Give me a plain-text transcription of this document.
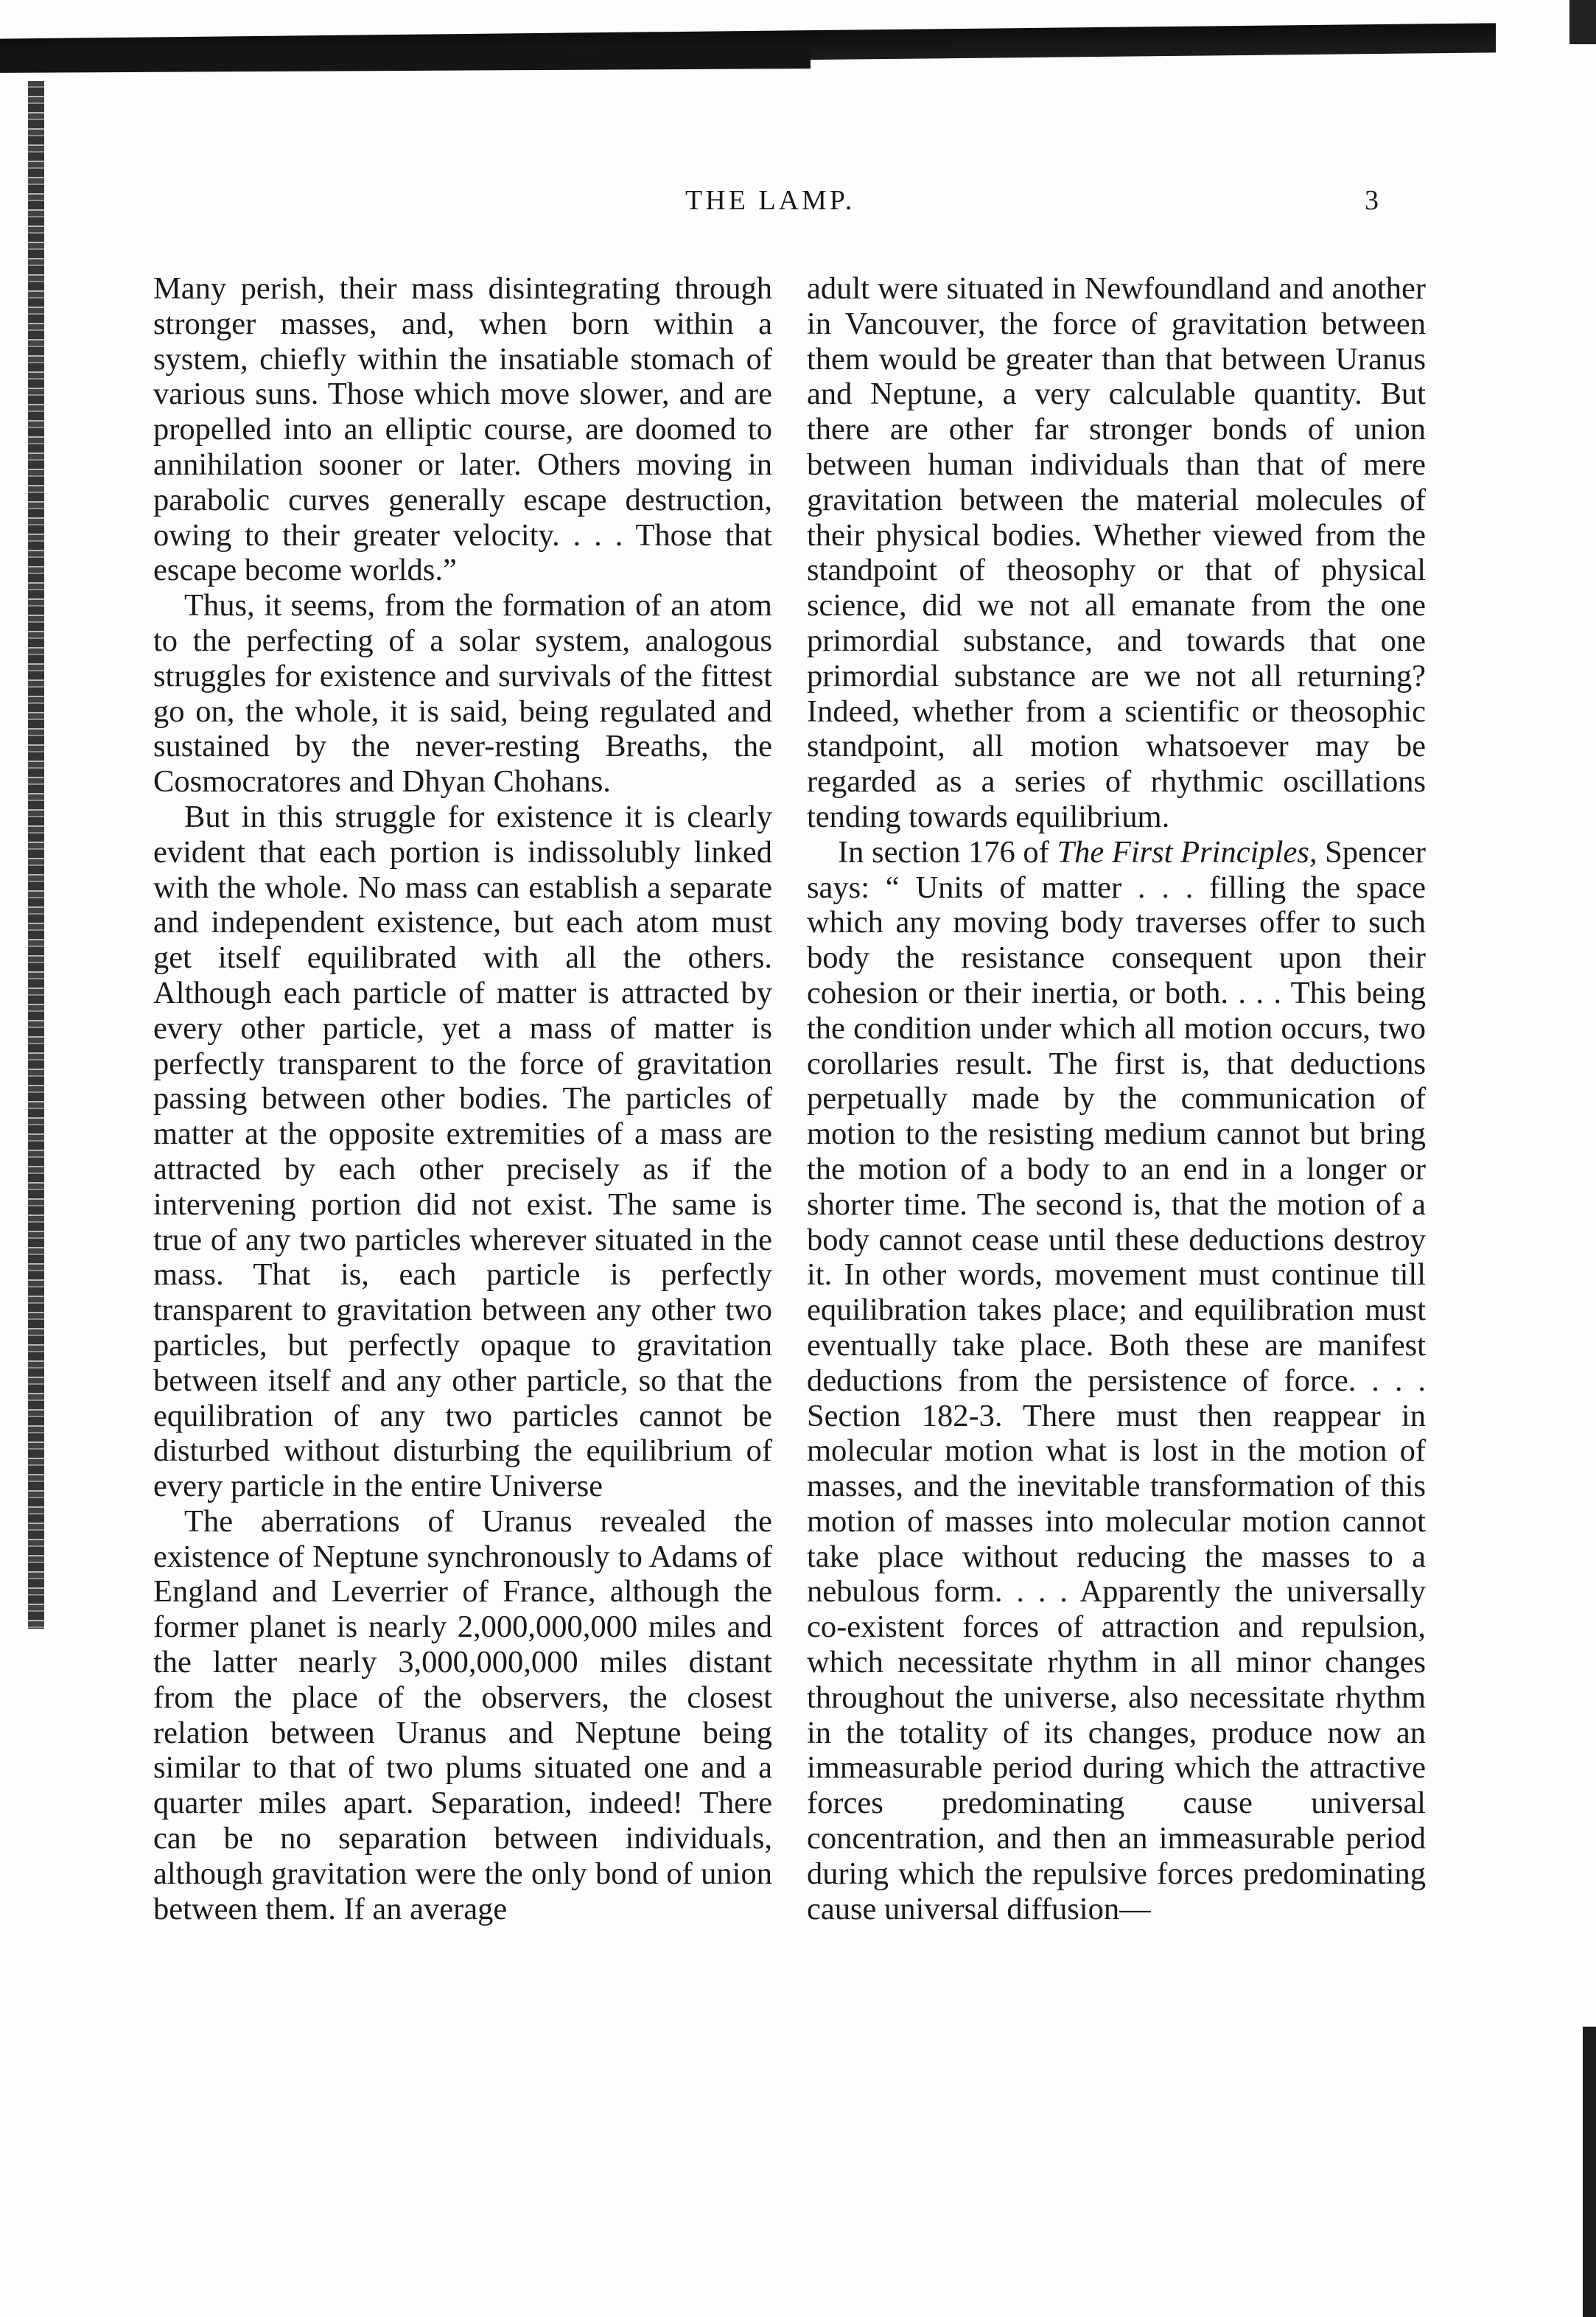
THE LAMP.	3

Many perish, their mass disintegrating through stronger masses, and, when born within a system, chiefly within the insatiable stomach of various suns. Those which move slower, and are propelled into an elliptic course, are doomed to annihilation sooner or later. Others moving in parabolic curves generally escape destruction, owing to their greater velocity. . . . Those that escape become worlds.”

Thus, it seems, from the formation of an atom to the perfecting of a solar system, analogous struggles for existence and survivals of the fittest go on, the whole, it is said, being regulated and sustained by the never-resting Breaths, the Cosmocratores and Dhyan Chohans.

But in this struggle for existence it is clearly evident that each portion is indissolubly linked with the whole. No mass can establish a separate and independent existence, but each atom must get itself equilibrated with all the others. Although each particle of matter is attracted by every other particle, yet a mass of matter is perfectly transparent to the force of gravitation passing between other bodies. The particles of matter at the opposite extremities of a mass are attracted by each other precisely as if the intervening portion did not exist. The same is true of any two particles wherever situated in the mass. That is, each particle is perfectly transparent to gravitation between any other two particles, but perfectly opaque to gravitation between itself and any other particle, so that the equilibration of any two particles cannot be disturbed without disturbing the equilibrium of every particle in the entire Universe

The aberrations of Uranus revealed the existence of Neptune synchronously to Adams of England and Leverrier of France, although the former planet is nearly 2,000,000,000 miles and the latter nearly 3,000,000,000 miles distant from the place of the observers, the closest relation between Uranus and Neptune being similar to that of two plums situated one and a quarter miles apart. Separation, indeed! There can be no separation between individuals, although gravitation were the only bond of union between them. If an average

adult were situated in Newfoundland and another in Vancouver, the force of gravitation between them would be greater than that between Uranus and Neptune, a very calculable quantity. But there are other far stronger bonds of union between human individuals than that of mere gravitation between the material molecules of their physical bodies. Whether viewed from the standpoint of theosophy or that of physical science, did we not all emanate from the one primordial substance, and towards that one primordial substance are we not all returning? Indeed, whether from a scientific or theosophic standpoint, all motion whatsoever may be regarded as a series of rhythmic oscillations tending towards equilibrium.

In section 176 of The First Principles, Spencer says: “ Units of matter . . . filling the space which any moving body traverses offer to such body the resistance consequent upon their cohesion or their inertia, or both. . . . This being the condition under which all motion occurs, two corollaries result. The first is, that deductions perpetually made by the communication of motion to the resisting medium cannot but bring the motion of a body to an end in a longer or shorter time. The second is, that the motion of a body cannot cease until these deductions destroy it. In other words, movement must continue till equilibration takes place; and equilibration must eventually take place. Both these are manifest deductions from the persistence of force. . . . Section 182-3. There must then reappear in molecular motion what is lost in the motion of masses, and the inevitable transformation of this motion of masses into molecular motion cannot take place without reducing the masses to a nebulous form. . . . Apparently the universally co-existent forces of attraction and repulsion, which necessitate rhythm in all minor changes throughout the universe, also necessitate rhythm in the totality of its changes, produce now an immeasurable period during which the attractive forces predominating cause universal concentration, and then an immeasurable period during which the repulsive forces predominating cause universal diffusion—
